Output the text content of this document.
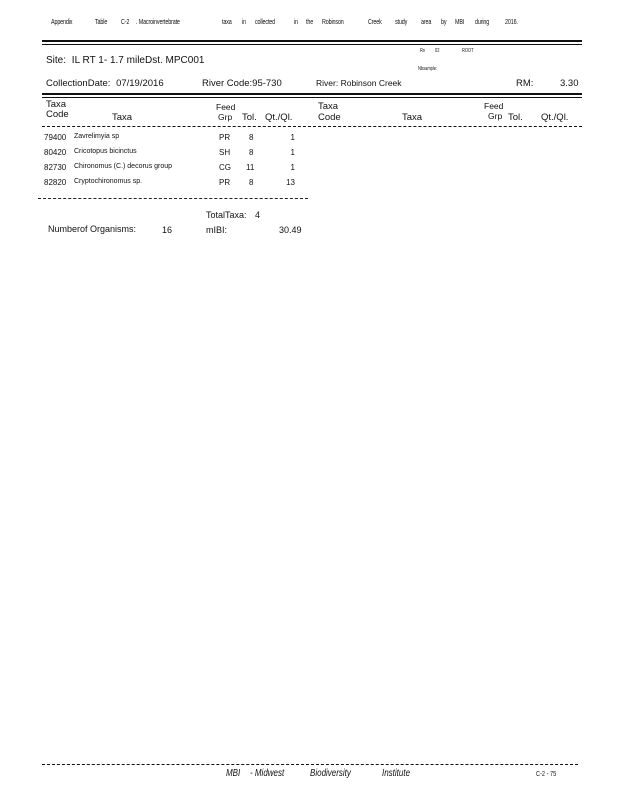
Appendix	Table C-2 . Macroinvertebrate	taxa in collected	in the Robinson	Creek study area by MBI during 2016.
Site: IL RT 1- 1.7 mileDst. MPC001
Rn 02	ROOT
Nbsample:
CollectionDate: 07/19/2016	River Code:95-730	River: Robinson Creek	RM:	3.30
Taxa
Code	Taxa
Feed
Grp Tol. Qt./Ql.
Taxa
Code	Taxa
Feed
Grp Tol. Qt./Ql.
79400 Zavrelimyia sp	PR 8	1
80420 Cricotopus bicinctus	SH 8	1
82730 Chironomus (C.) decorus group	CG 11	1
82820 Cryptochironomus sp.	PR 8	13
TotalTaxa: 4
Numberof Organisms:	16	mIBI:	30.49
MBI - Midwest	Biodiversity	Institute	C-2 - 75
